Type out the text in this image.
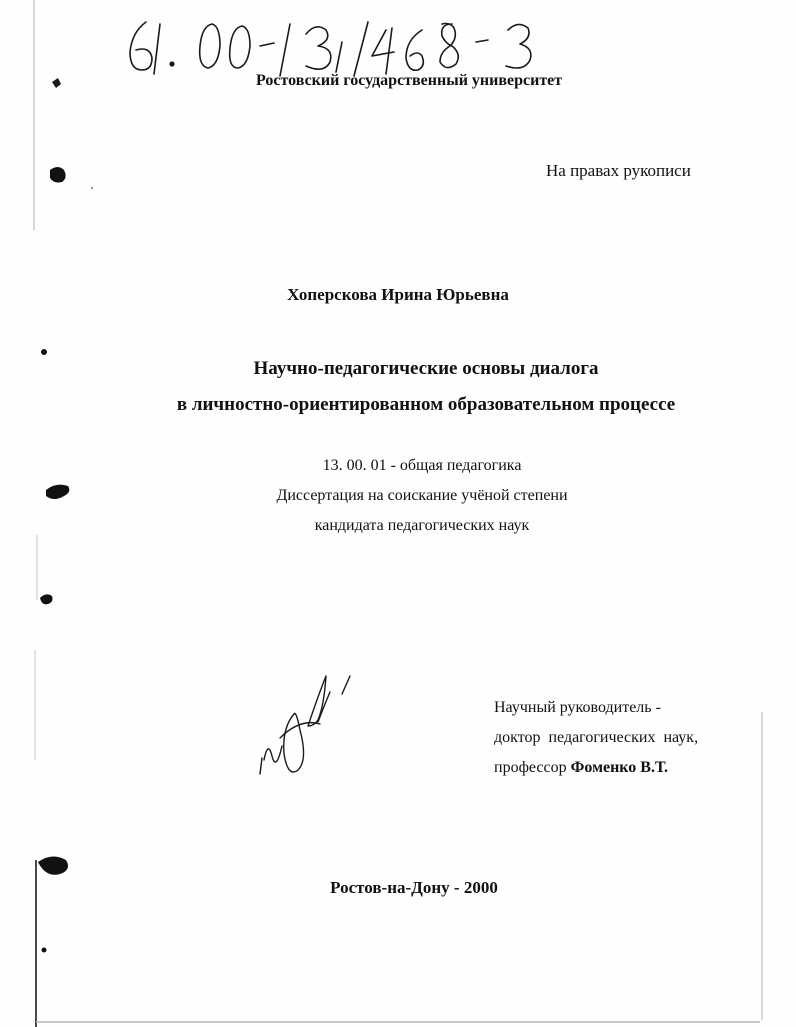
Ростовский государственный университет
На правах рукописи
Хоперскова Ирина Юрьевна
Научно-педагогические основы диалога
в личностно-ориентированном образовательном процессе
13. 00. 01 - общая педагогика
Диссертация на соискание учёной степени
кандидата педагогических наук
Научный руководитель -
доктор педагогических наук,
профессор Фоменко В.Т.
Ростов-на-Дону - 2000
